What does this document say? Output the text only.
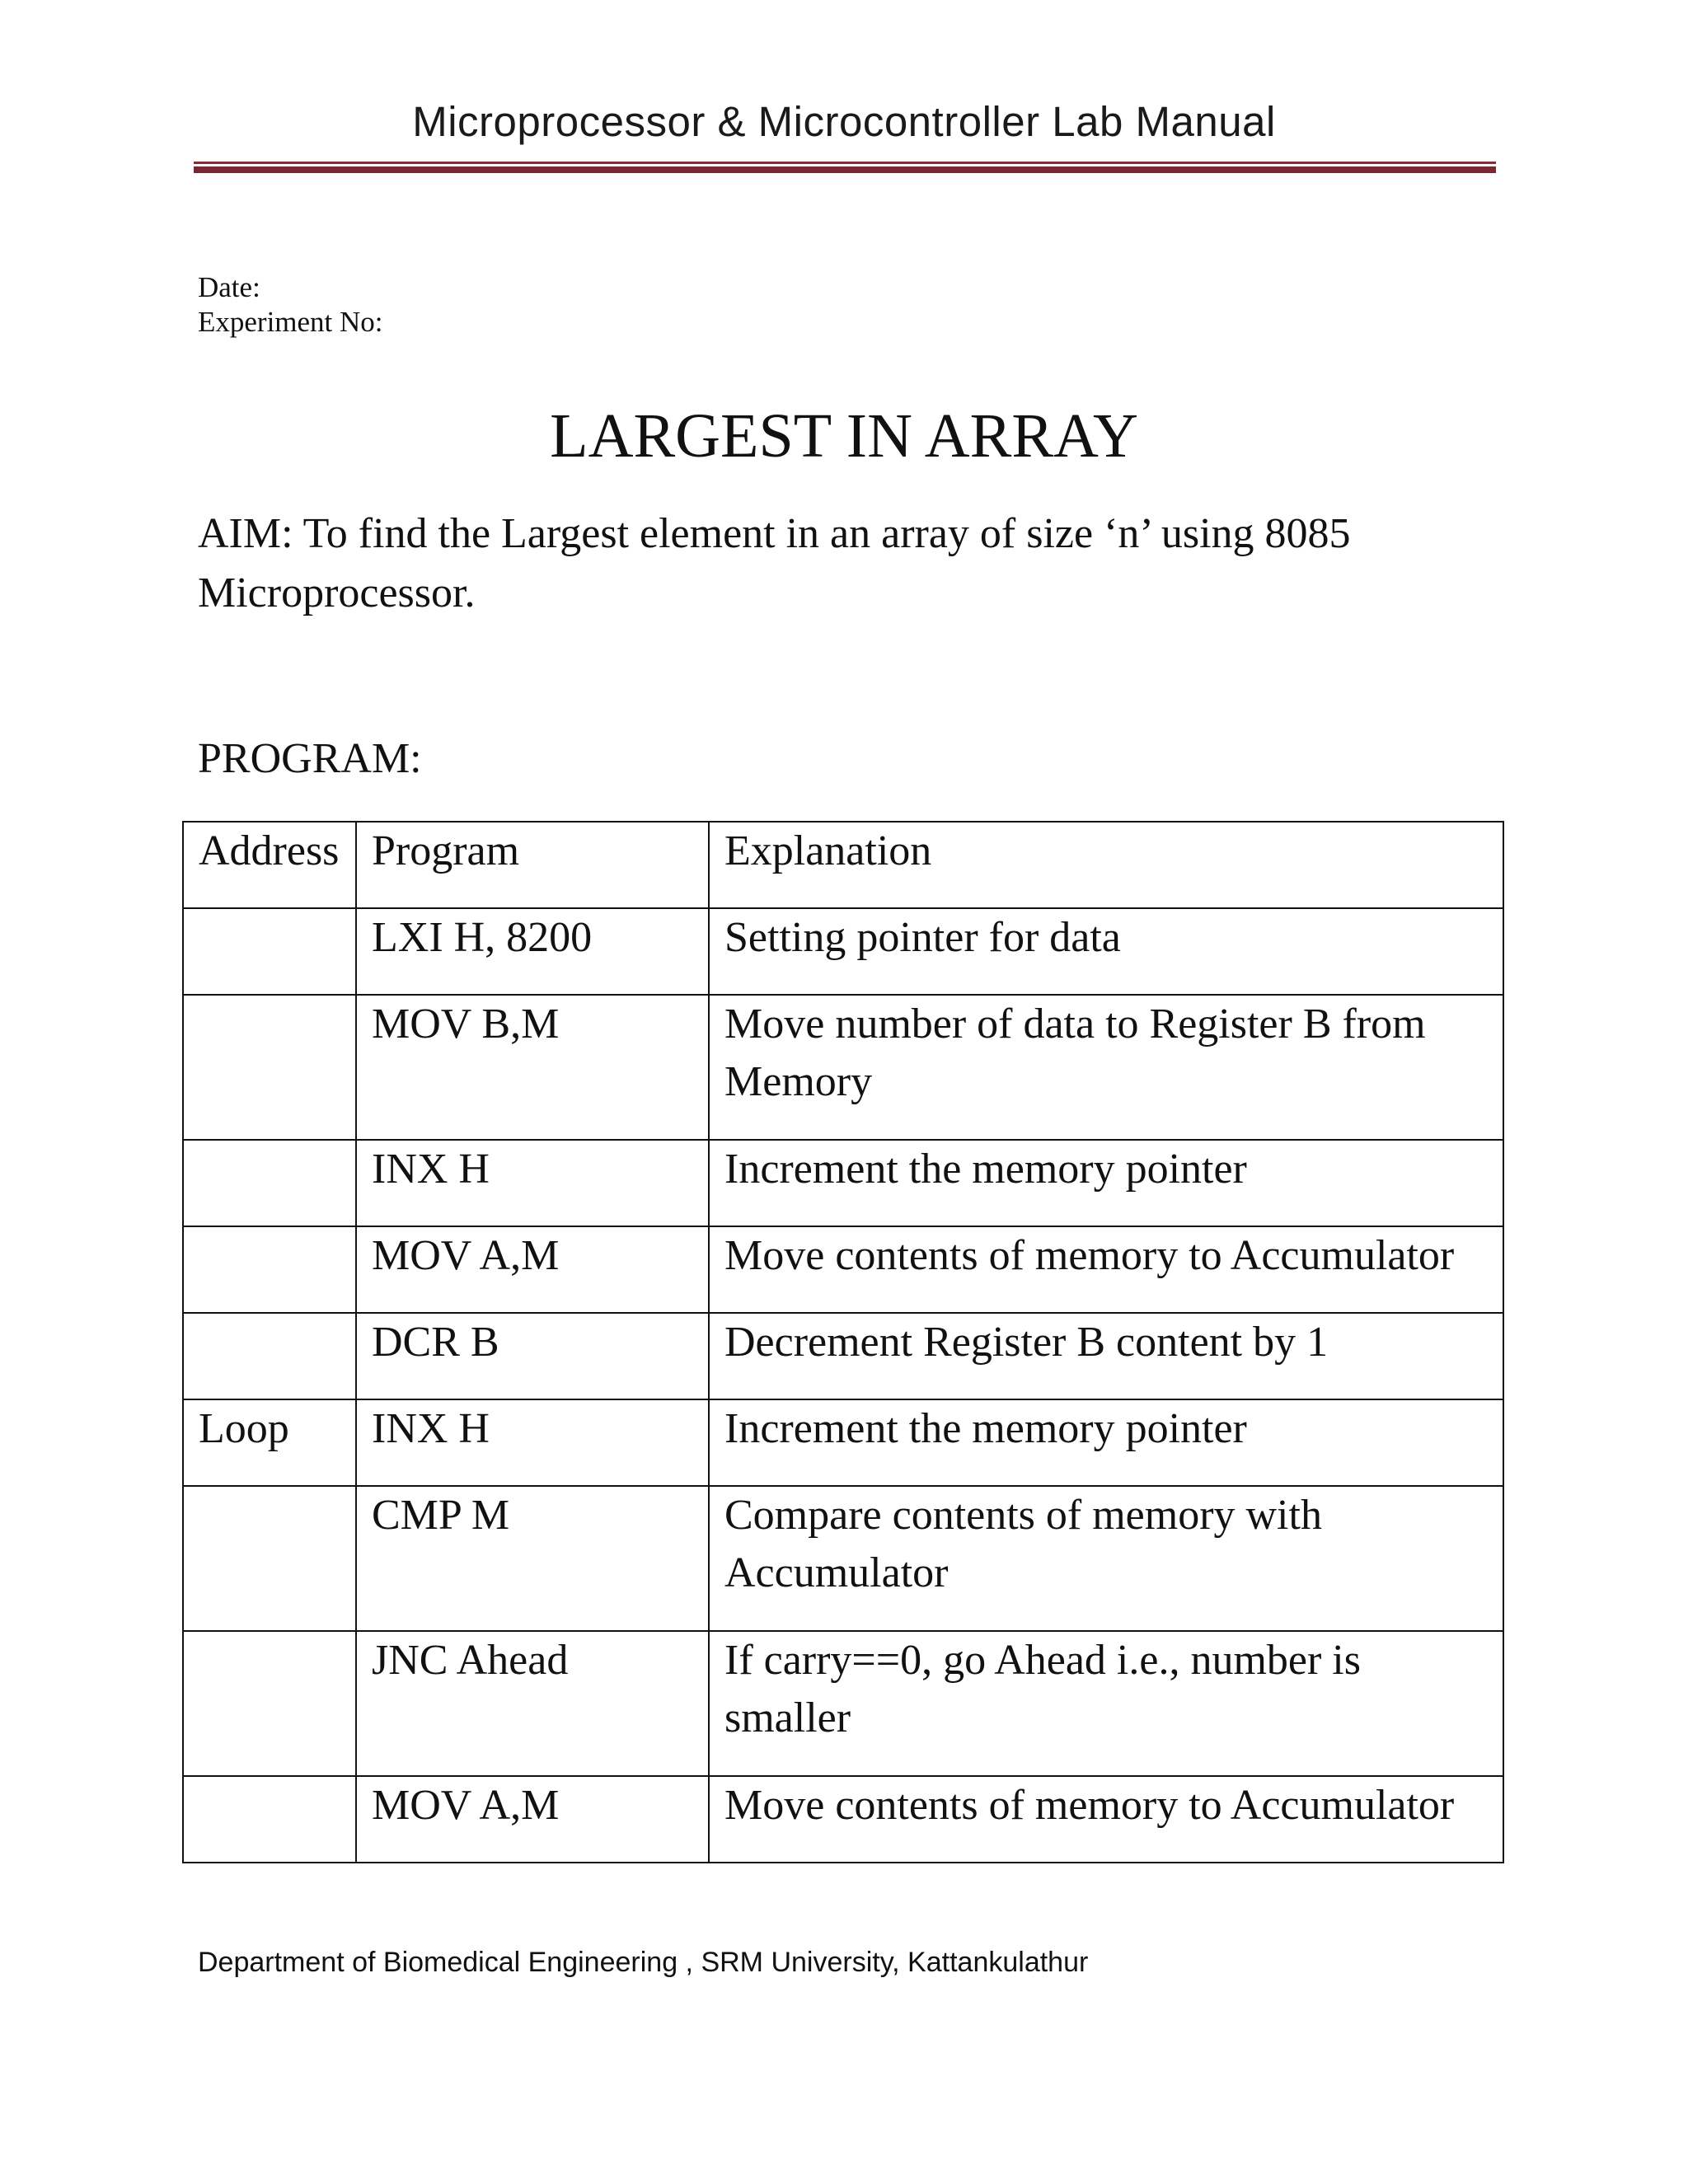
Microprocessor & Microcontroller Lab Manual
Date:
Experiment No:
LARGEST IN ARRAY
AIM: To find the Largest element in an array of size ‘n’ using 8085 Microprocessor.
PROGRAM:
Address	Program	Explanation
	LXI H, 8200	Setting pointer for data
	MOV B,M	Move number of data to Register B from Memory
	INX H	Increment the memory pointer
	MOV A,M	Move contents of memory to Accumulator
	DCR B	Decrement Register B content by 1
Loop	INX H	Increment the memory pointer
	CMP M	Compare contents of memory with Accumulator
	JNC Ahead	If carry==0, go Ahead i.e., number is smaller
	MOV A,M	Move contents of memory to Accumulator
Department of Biomedical Engineering , SRM University, Kattankulathur
